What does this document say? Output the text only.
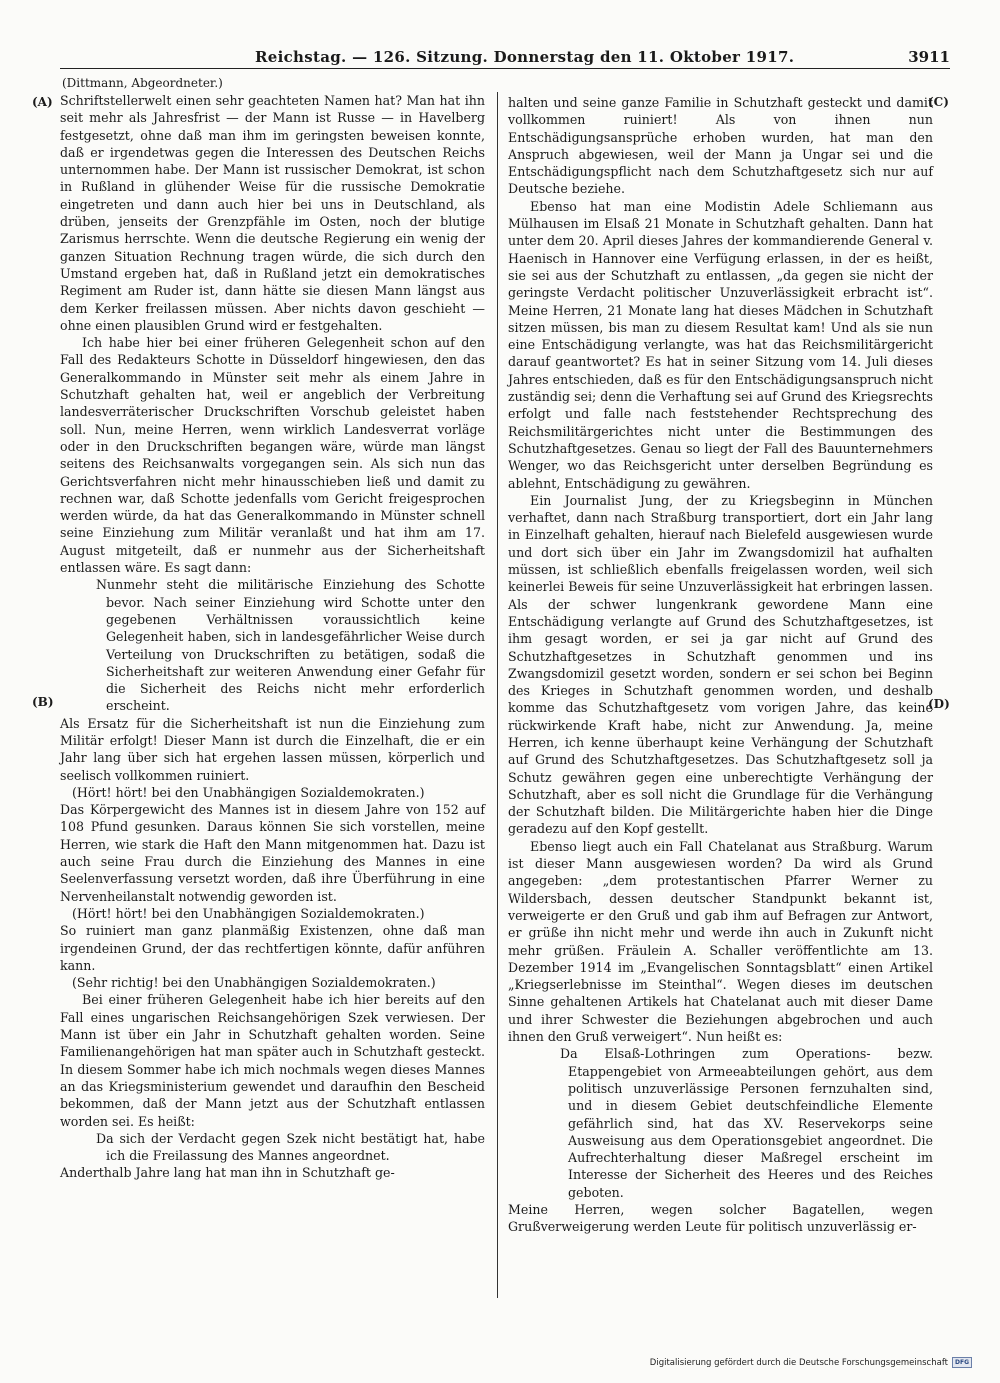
Reichstag. — 126. Sitzung. Donnerstag den 11. Oktober 1917.	3911
(Dittmann, Abgeordneter.)
(A)
(B)
(C)
(D)

Schriftstellerwelt einen sehr geachteten Namen hat? Man hat ihn seit mehr als Jahresfrist — der Mann ist Russe — in Havelberg festgesetzt, ohne daß man ihm im geringsten beweisen konnte, daß er irgendetwas gegen die Interessen des Deutschen Reichs unternommen habe. Der Mann ist russischer Demokrat, ist schon in Rußland in glühender Weise für die russische Demokratie eingetreten und dann auch hier bei uns in Deutschland, als drüben, jenseits der Grenzpfähle im Osten, noch der blutige Zarismus herrschte. Wenn die deutsche Regierung ein wenig der ganzen Situation Rechnung tragen würde, die sich durch den Umstand ergeben hat, daß in Rußland jetzt ein demokratisches Regiment am Ruder ist, dann hätte sie diesen Mann längst aus dem Kerker freilassen müssen. Aber nichts davon geschieht — ohne einen plausiblen Grund wird er festgehalten.

Ich habe hier bei einer früheren Gelegenheit schon auf den Fall des Redakteurs Schotte in Düsseldorf hingewiesen, den das Generalkommando in Münster seit mehr als einem Jahre in Schutzhaft gehalten hat, weil er angeblich der Verbreitung landesverräterischer Druckschriften Vorschub geleistet haben soll. Nun, meine Herren, wenn wirklich Landesverrat vorläge oder in den Druckschriften begangen wäre, würde man längst seitens des Reichsanwalts vorgegangen sein. Als sich nun das Gerichtsverfahren nicht mehr hinausschieben ließ und damit zu rechnen war, daß Schotte jedenfalls vom Gericht freigesprochen werden würde, da hat das Generalkommando in Münster schnell seine Einziehung zum Militär veranlaßt und hat ihm am 17. August mitgeteilt, daß er nunmehr aus der Sicherheitshaft entlassen wäre. Es sagt dann:

Nunmehr steht die militärische Einziehung des Schotte bevor. Nach seiner Einziehung wird Schotte unter den gegebenen Verhältnissen voraussichtlich keine Gelegenheit haben, sich in landesgefährlicher Weise durch Verteilung von Druckschriften zu betätigen, sodaß die Sicherheitshaft zur weiteren Anwendung einer Gefahr für die Sicherheit des Reichs nicht mehr erforderlich erscheint.

Als Ersatz für die Sicherheitshaft ist nun die Einziehung zum Militär erfolgt! Dieser Mann ist durch die Einzelhaft, die er ein Jahr lang über sich hat ergehen lassen müssen, körperlich und seelisch vollkommen ruiniert.

(Hört! hört! bei den Unabhängigen Sozialdemokraten.)

Das Körpergewicht des Mannes ist in diesem Jahre von 152 auf 108 Pfund gesunken. Daraus können Sie sich vorstellen, meine Herren, wie stark die Haft den Mann mitgenommen hat. Dazu ist auch seine Frau durch die Einziehung des Mannes in eine Seelenverfassung versetzt worden, daß ihre Überführung in eine Nervenheilanstalt notwendig geworden ist.

(Hört! hört! bei den Unabhängigen Sozialdemokraten.)

So ruiniert man ganz planmäßig Existenzen, ohne daß man irgendeinen Grund, der das rechtfertigen könnte, dafür anführen kann.

(Sehr richtig! bei den Unabhängigen Sozialdemokraten.)

Bei einer früheren Gelegenheit habe ich hier bereits auf den Fall eines ungarischen Reichsangehörigen Szek verwiesen. Der Mann ist über ein Jahr in Schutzhaft gehalten worden. Seine Familienangehörigen hat man später auch in Schutzhaft gesteckt. In diesem Sommer habe ich mich nochmals wegen dieses Mannes an das Kriegsministerium gewendet und daraufhin den Bescheid bekommen, daß der Mann jetzt aus der Schutzhaft entlassen worden sei. Es heißt:

Da sich der Verdacht gegen Szek nicht bestätigt hat, habe ich die Freilassung des Mannes angeordnet.

Anderthalb Jahre lang hat man ihn in Schutzhaft ge-

halten und seine ganze Familie in Schutzhaft gesteckt und damit vollkommen ruiniert! Als von ihnen nun Entschädigungsansprüche erhoben wurden, hat man den Anspruch abgewiesen, weil der Mann ja Ungar sei und die Entschädigungspflicht nach dem Schutzhaftgesetz sich nur auf Deutsche beziehe.

Ebenso hat man eine Modistin Adele Schliemann aus Mülhausen im Elsaß 21 Monate in Schutzhaft gehalten. Dann hat unter dem 20. April dieses Jahres der kommandierende General v. Haenisch in Hannover eine Verfügung erlassen, in der es heißt, sie sei aus der Schutzhaft zu entlassen, „da gegen sie nicht der geringste Verdacht politischer Unzuverlässigkeit erbracht ist“. Meine Herren, 21 Monate lang hat dieses Mädchen in Schutzhaft sitzen müssen, bis man zu diesem Resultat kam! Und als sie nun eine Entschädigung verlangte, was hat das Reichsmilitärgericht darauf geantwortet? Es hat in seiner Sitzung vom 14. Juli dieses Jahres entschieden, daß es für den Entschädigungsanspruch nicht zuständig sei; denn die Verhaftung sei auf Grund des Kriegsrechts erfolgt und falle nach feststehender Rechtsprechung des Reichsmilitärgerichtes nicht unter die Bestimmungen des Schutzhaftgesetzes. Genau so liegt der Fall des Bauunternehmers Wenger, wo das Reichsgericht unter derselben Begründung es ablehnt, Entschädigung zu gewähren.

Ein Journalist Jung, der zu Kriegsbeginn in München verhaftet, dann nach Straßburg transportiert, dort ein Jahr lang in Einzelhaft gehalten, hierauf nach Bielefeld ausgewiesen wurde und dort sich über ein Jahr im Zwangsdomizil hat aufhalten müssen, ist schließlich ebenfalls freigelassen worden, weil sich keinerlei Beweis für seine Unzuverlässigkeit hat erbringen lassen. Als der schwer lungenkrank gewordene Mann eine Entschädigung verlangte auf Grund des Schutzhaftgesetzes, ist ihm gesagt worden, er sei ja gar nicht auf Grund des Schutzhaftgesetzes in Schutzhaft genommen und ins Zwangsdomizil gesetzt worden, sondern er sei schon bei Beginn des Krieges in Schutzhaft genommen worden, und deshalb komme das Schutzhaftgesetz vom vorigen Jahre, das keine rückwirkende Kraft habe, nicht zur Anwendung. Ja, meine Herren, ich kenne überhaupt keine Verhängung der Schutzhaft auf Grund des Schutzhaftgesetzes. Das Schutzhaftgesetz soll ja Schutz gewähren gegen eine unberechtigte Verhängung der Schutzhaft, aber es soll nicht die Grundlage für die Verhängung der Schutzhaft bilden. Die Militärgerichte haben hier die Dinge geradezu auf den Kopf gestellt.

Ebenso liegt auch ein Fall Chatelanat aus Straßburg. Warum ist dieser Mann ausgewiesen worden? Da wird als Grund angegeben: „dem protestantischen Pfarrer Werner zu Wildersbach, dessen deutscher Standpunkt bekannt ist, verweigerte er den Gruß und gab ihm auf Befragen zur Antwort, er grüße ihn nicht mehr und werde ihn auch in Zukunft nicht mehr grüßen. Fräulein A. Schaller veröffentlichte am 13. Dezember 1914 im „Evangelischen Sonntagsblatt“ einen Artikel „Kriegserlebnisse im Steinthal“. Wegen dieses im deutschen Sinne gehaltenen Artikels hat Chatelanat auch mit dieser Dame und ihrer Schwester die Beziehungen abgebrochen und auch ihnen den Gruß verweigert“. Nun heißt es:

Da Elsaß-Lothringen zum Operations- bezw. Etappengebiet von Armeeabteilungen gehört, aus dem politisch unzuverlässige Personen fernzuhalten sind, und in diesem Gebiet deutschfeindliche Elemente gefährlich sind, hat das XV. Reservekorps seine Ausweisung aus dem Operationsgebiet angeordnet. Die Aufrechterhaltung dieser Maßregel erscheint im Interesse der Sicherheit des Heeres und des Reiches geboten.

Meine Herren, wegen solcher Bagatellen, wegen Grußverweigerung werden Leute für politisch unzuverlässig er-

Digitalisierung gefördert durch die Deutsche Forschungsgemeinschaft	DFG
